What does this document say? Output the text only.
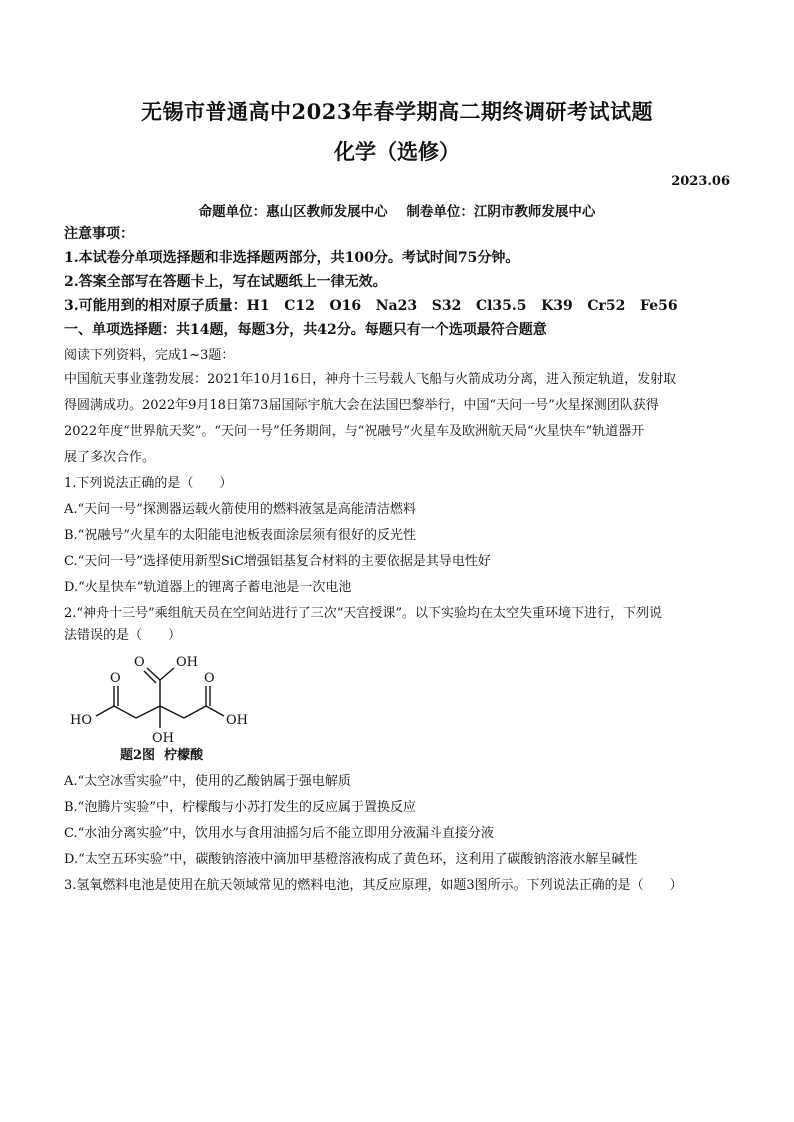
无锡市普通高中2023年春学期高二期终调研考试试题
化学（选修）
2023.06
命题单位：惠山区教师发展中心    制卷单位：江阴市教师发展中心
注意事项：
1.本试卷分单项选择题和非选择题两部分，共100分。考试时间75分钟。
2.答案全部写在答题卡上，写在试题纸上一律无效。
3.可能用到的相对原子质量：H1   C12   O16   Na23   S32   Cl35.5   K39   Cr52   Fe56
一、单项选择题：共14题，每题3分，共42分。每题只有一个选项最符合题意
阅读下列资料，完成1~3题：
中国航天事业蓬勃发展：2021年10月16日，神舟十三号载人飞船与火箭成功分离，进入预定轨道，发射取
得圆满成功。2022年9月18日第73届国际宇航大会在法国巴黎举行，中国“天问一号”火星探测团队获得
2022年度“世界航天奖”。“天问一号”任务期间，与“祝融号”火星车及欧洲航天局“火星快车”轨道器开
展了多次合作。
1.下列说法正确的是（　　）
A.“天问一号”探测器运载火箭使用的燃料液氢是高能清洁燃料
B.“祝融号”火星车的太阳能电池板表面涂层须有很好的反光性
C.“天问一号”选择使用新型SiC增强铝基复合材料的主要依据是其导电性好
D.“火星快车”轨道器上的锂离子蓄电池是一次电池
2.“神舟十三号”乘组航天员在空间站进行了三次“天宫授课”。以下实验均在太空失重环境下进行，下列说
法错误的是（　　）
O OH
O
HO
O
OH
OH
题2图  柠檬酸
A.“太空冰雪实验”中，使用的乙酸钠属于强电解质
B.“泡腾片实验”中，柠檬酸与小苏打发生的反应属于置换反应
C.“水油分离实验”中，饮用水与食用油摇匀后不能立即用分液漏斗直接分液
D.“太空五环实验”中，碳酸钠溶液中滴加甲基橙溶液构成了黄色环，这利用了碳酸钠溶液水解呈碱性
3.氢氧燃料电池是使用在航天领域常见的燃料电池，其反应原理，如题3图所示。下列说法正确的是（　　）
